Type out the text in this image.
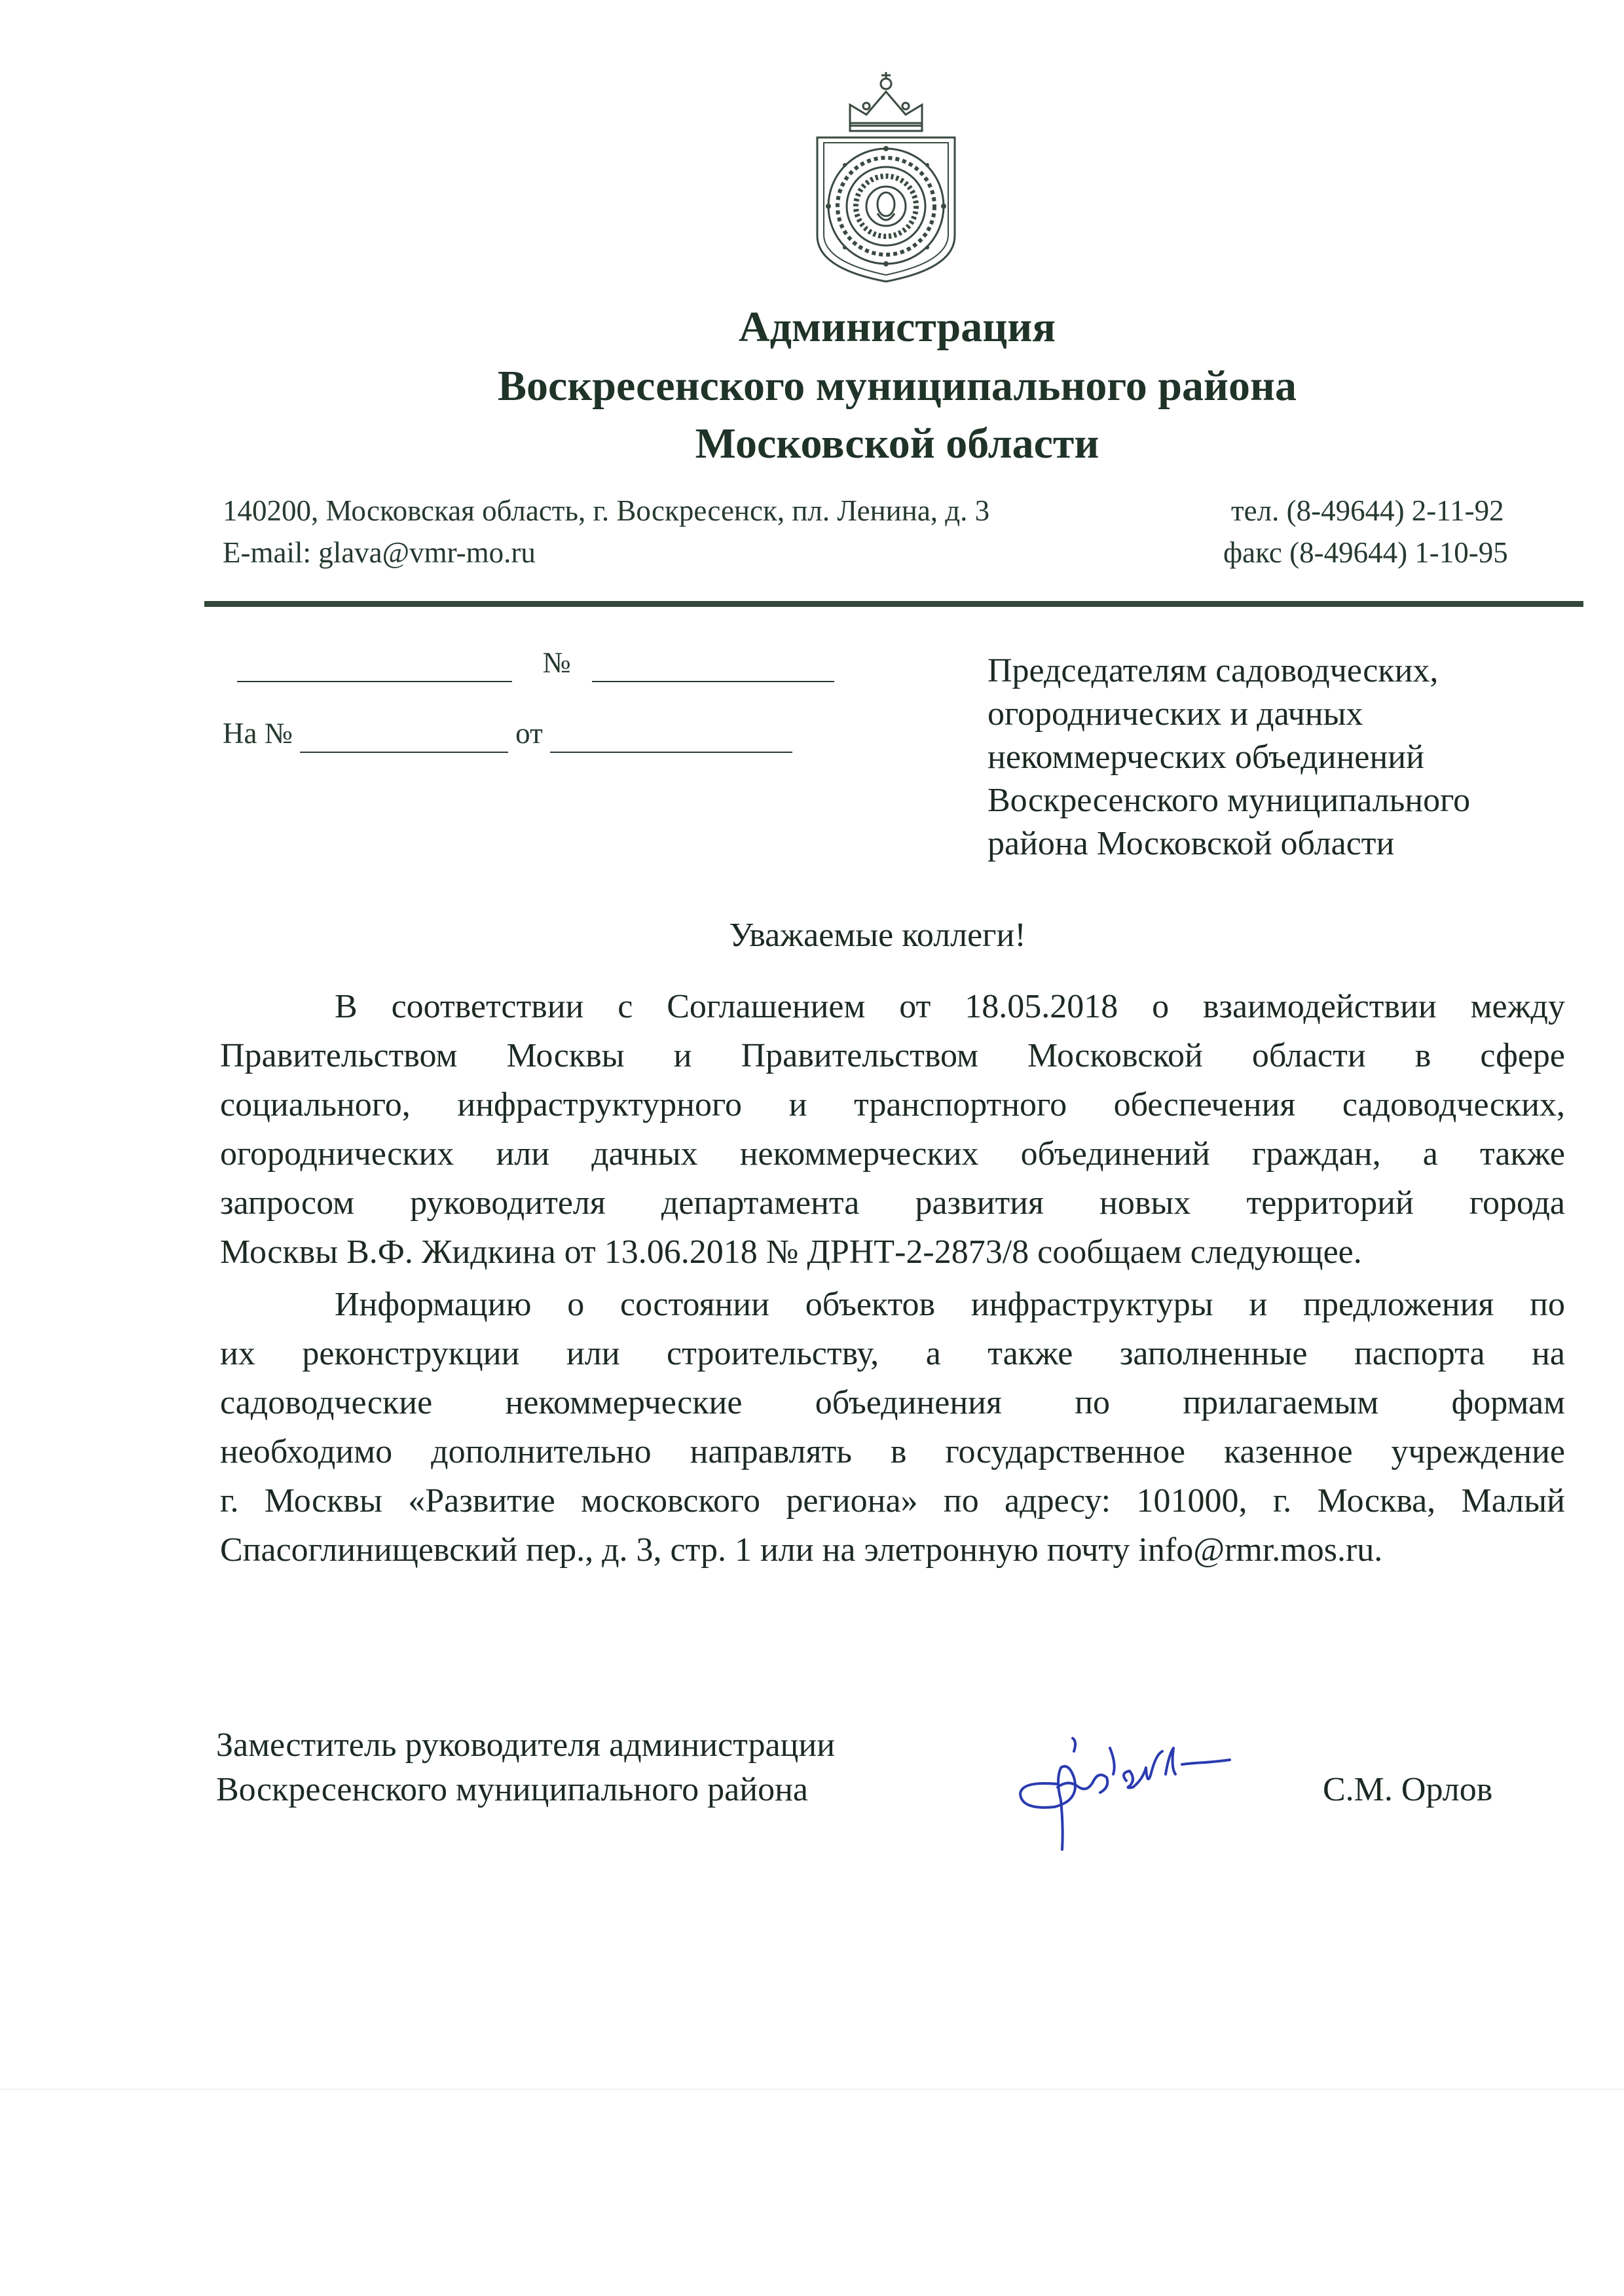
Администрация
Воскресенского муниципального района
Московской области
140200, Московская область, г. Воскресенск, пл. Ленина, д. 3
E-mail: glava@vmr-mo.ru
тел. (8-49644) 2-11-92
факс (8-49644) 1-10-95
№
На №	от
Председателям садоводческих,
огороднических и дачных
некоммерческих объединений
Воскресенского муниципального
района Московской области
Уважаемые коллеги!
В соответствии с Соглашением от 18.05.2018 о взаимодействии между
Правительством Москвы и Правительством Московской области в сфере
социального, инфраструктурного и транспортного обеспечения садоводческих,
огороднических или дачных некоммерческих объединений граждан, а также
запросом руководителя департамента развития новых территорий города
Москвы В.Ф. Жидкина от 13.06.2018 № ДРНТ-2-2873/8 сообщаем следующее.
Информацию о состоянии объектов инфраструктуры и предложения по
их реконструкции или строительству, а также заполненные паспорта на
садоводческие некоммерческие объединения по прилагаемым формам
необходимо дополнительно направлять в государственное казенное учреждение
г. Москвы «Развитие московского региона» по адресу: 101000, г. Москва, Малый
Спасоглинищевский пер., д. 3, стр. 1 или на элетронную почту info@rmr.mos.ru.
Заместитель руководителя администрации
Воскресенского муниципального района	С.М. Орлов
